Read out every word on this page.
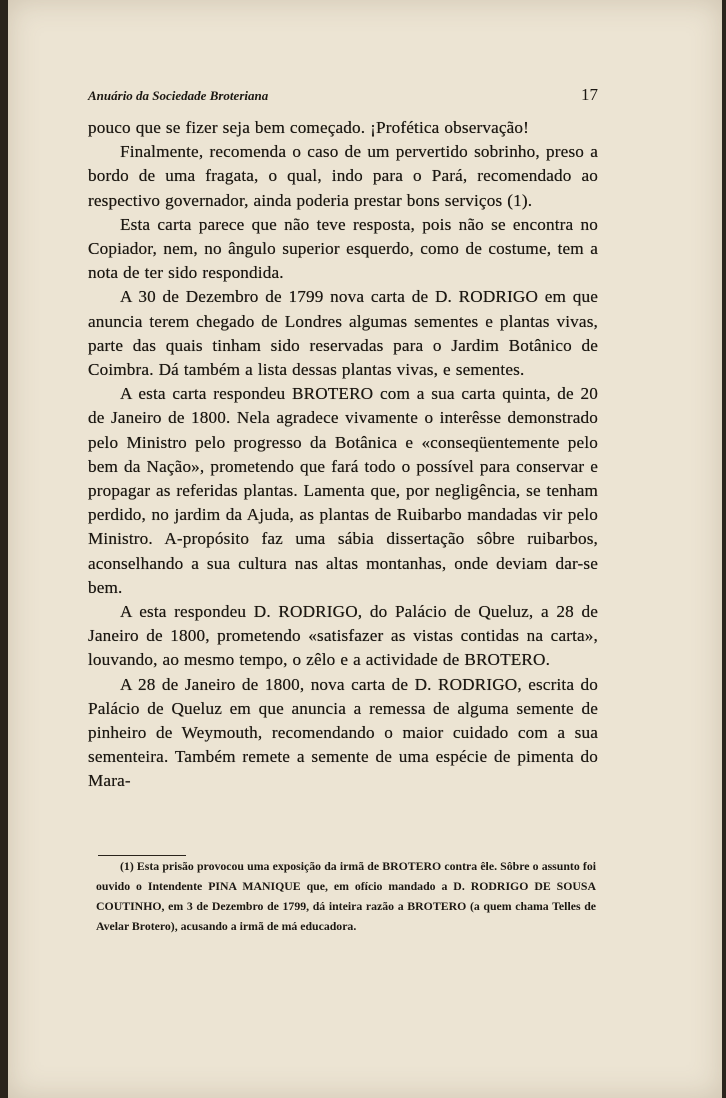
Anuário da Sociedade Broteriana	17

pouco que se fizer seja bem começado. ¡Profética observação!

Finalmente, recomenda o caso de um pervertido sobrinho, preso a bordo de uma fragata, o qual, indo para o Pará, recomendado ao respectivo governador, ainda poderia prestar bons serviços (1).

Esta carta parece que não teve resposta, pois não se encontra no Copiador, nem, no ângulo superior esquerdo, como de costume, tem a nota de ter sido respondida.

A 30 de Dezembro de 1799 nova carta de D. RODRIGO em que anuncia terem chegado de Londres algumas sementes e plantas vivas, parte das quais tinham sido reservadas para o Jardim Botânico de Coimbra. Dá também a lista dessas plantas vivas, e sementes.

A esta carta respondeu BROTERO com a sua carta quinta, de 20 de Janeiro de 1800. Nela agradece vivamente o interêsse demonstrado pelo Ministro pelo progresso da Botânica e «conseqüentemente pelo bem da Nação», prometendo que fará todo o possível para conservar e propagar as referidas plantas. Lamenta que, por negligência, se tenham perdido, no jardim da Ajuda, as plantas de Ruibarbo mandadas vir pelo Ministro. A-propósito faz uma sábia dissertação sôbre ruibarbos, aconselhando a sua cultura nas altas montanhas, onde deviam dar-se bem.

A esta respondeu D. RODRIGO, do Palácio de Queluz, a 28 de Janeiro de 1800, prometendo «satisfazer as vistas contidas na carta», louvando, ao mesmo tempo, o zêlo e a actividade de BROTERO.

A 28 de Janeiro de 1800, nova carta de D. RODRIGO, escrita do Palácio de Queluz em que anuncia a remessa de alguma semente de pinheiro de Weymouth, recomendando o maior cuidado com a sua sementeira. Também remete a semente de uma espécie de pimenta do Mara-

(1) Esta prisão provocou uma exposição da irmã de BROTERO contra êle. Sôbre o assunto foi ouvido o Intendente PINA MANIQUE que, em ofício mandado a D. RODRIGO DE SOUSA COUTINHO, em 3 de Dezembro de 1799, dá inteira razão a BROTERO (a quem chama Telles de Avelar Brotero), acusando a irmã de má educadora.
